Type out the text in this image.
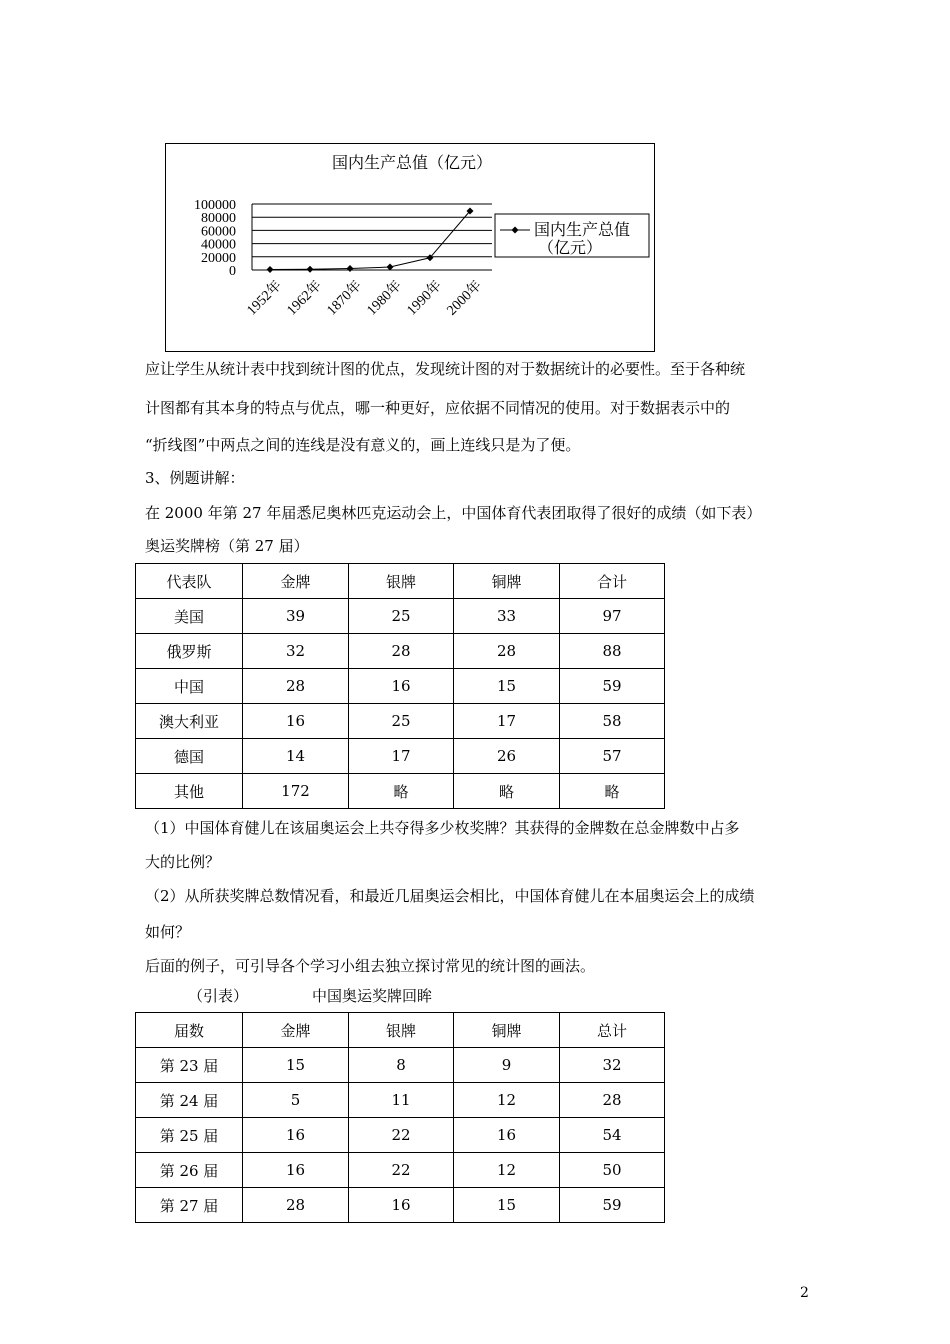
国内生产总值（亿元）
100000
80000
60000
40000
20000
0
1952年 1962年 1870年 1980年 1990年 2000年
国内生产总值
（亿元）
应让学生从统计表中找到统计图的优点，发现统计图的对于数据统计的必要性。至于各种统
计图都有其本身的特点与优点，哪一种更好，应依据不同情况的使用。对于数据表示中的
“折线图”中两点之间的连线是没有意义的，画上连线只是为了便。
3、例题讲解：
在 2000 年第 27 年届悉尼奥林匹克运动会上，中国体育代表团取得了很好的成绩（如下表）
奥运奖牌榜（第 27 届）
代表队	金牌	银牌	铜牌	合计
美国	39	25	33	97
俄罗斯	32	28	28	88
中国	28	16	15	59
澳大利亚	16	25	17	58
德国	14	17	26	57
其他	172	略	略	略
（1）中国体育健儿在该届奥运会上共夺得多少枚奖牌？其获得的金牌数在总金牌数中占多
大的比例？
（2）从所获奖牌总数情况看，和最近几届奥运会相比，中国体育健儿在本届奥运会上的成绩
如何？
后面的例子，可引导各个学习小组去独立探讨常见的统计图的画法。
（引表）	中国奥运奖牌回眸
届数	金牌	银牌	铜牌	总计
第 23 届	15	8	9	32
第 24 届	5	11	12	28
第 25 届	16	22	16	54
第 26 届	16	22	12	50
第 27 届	28	16	15	59
2
